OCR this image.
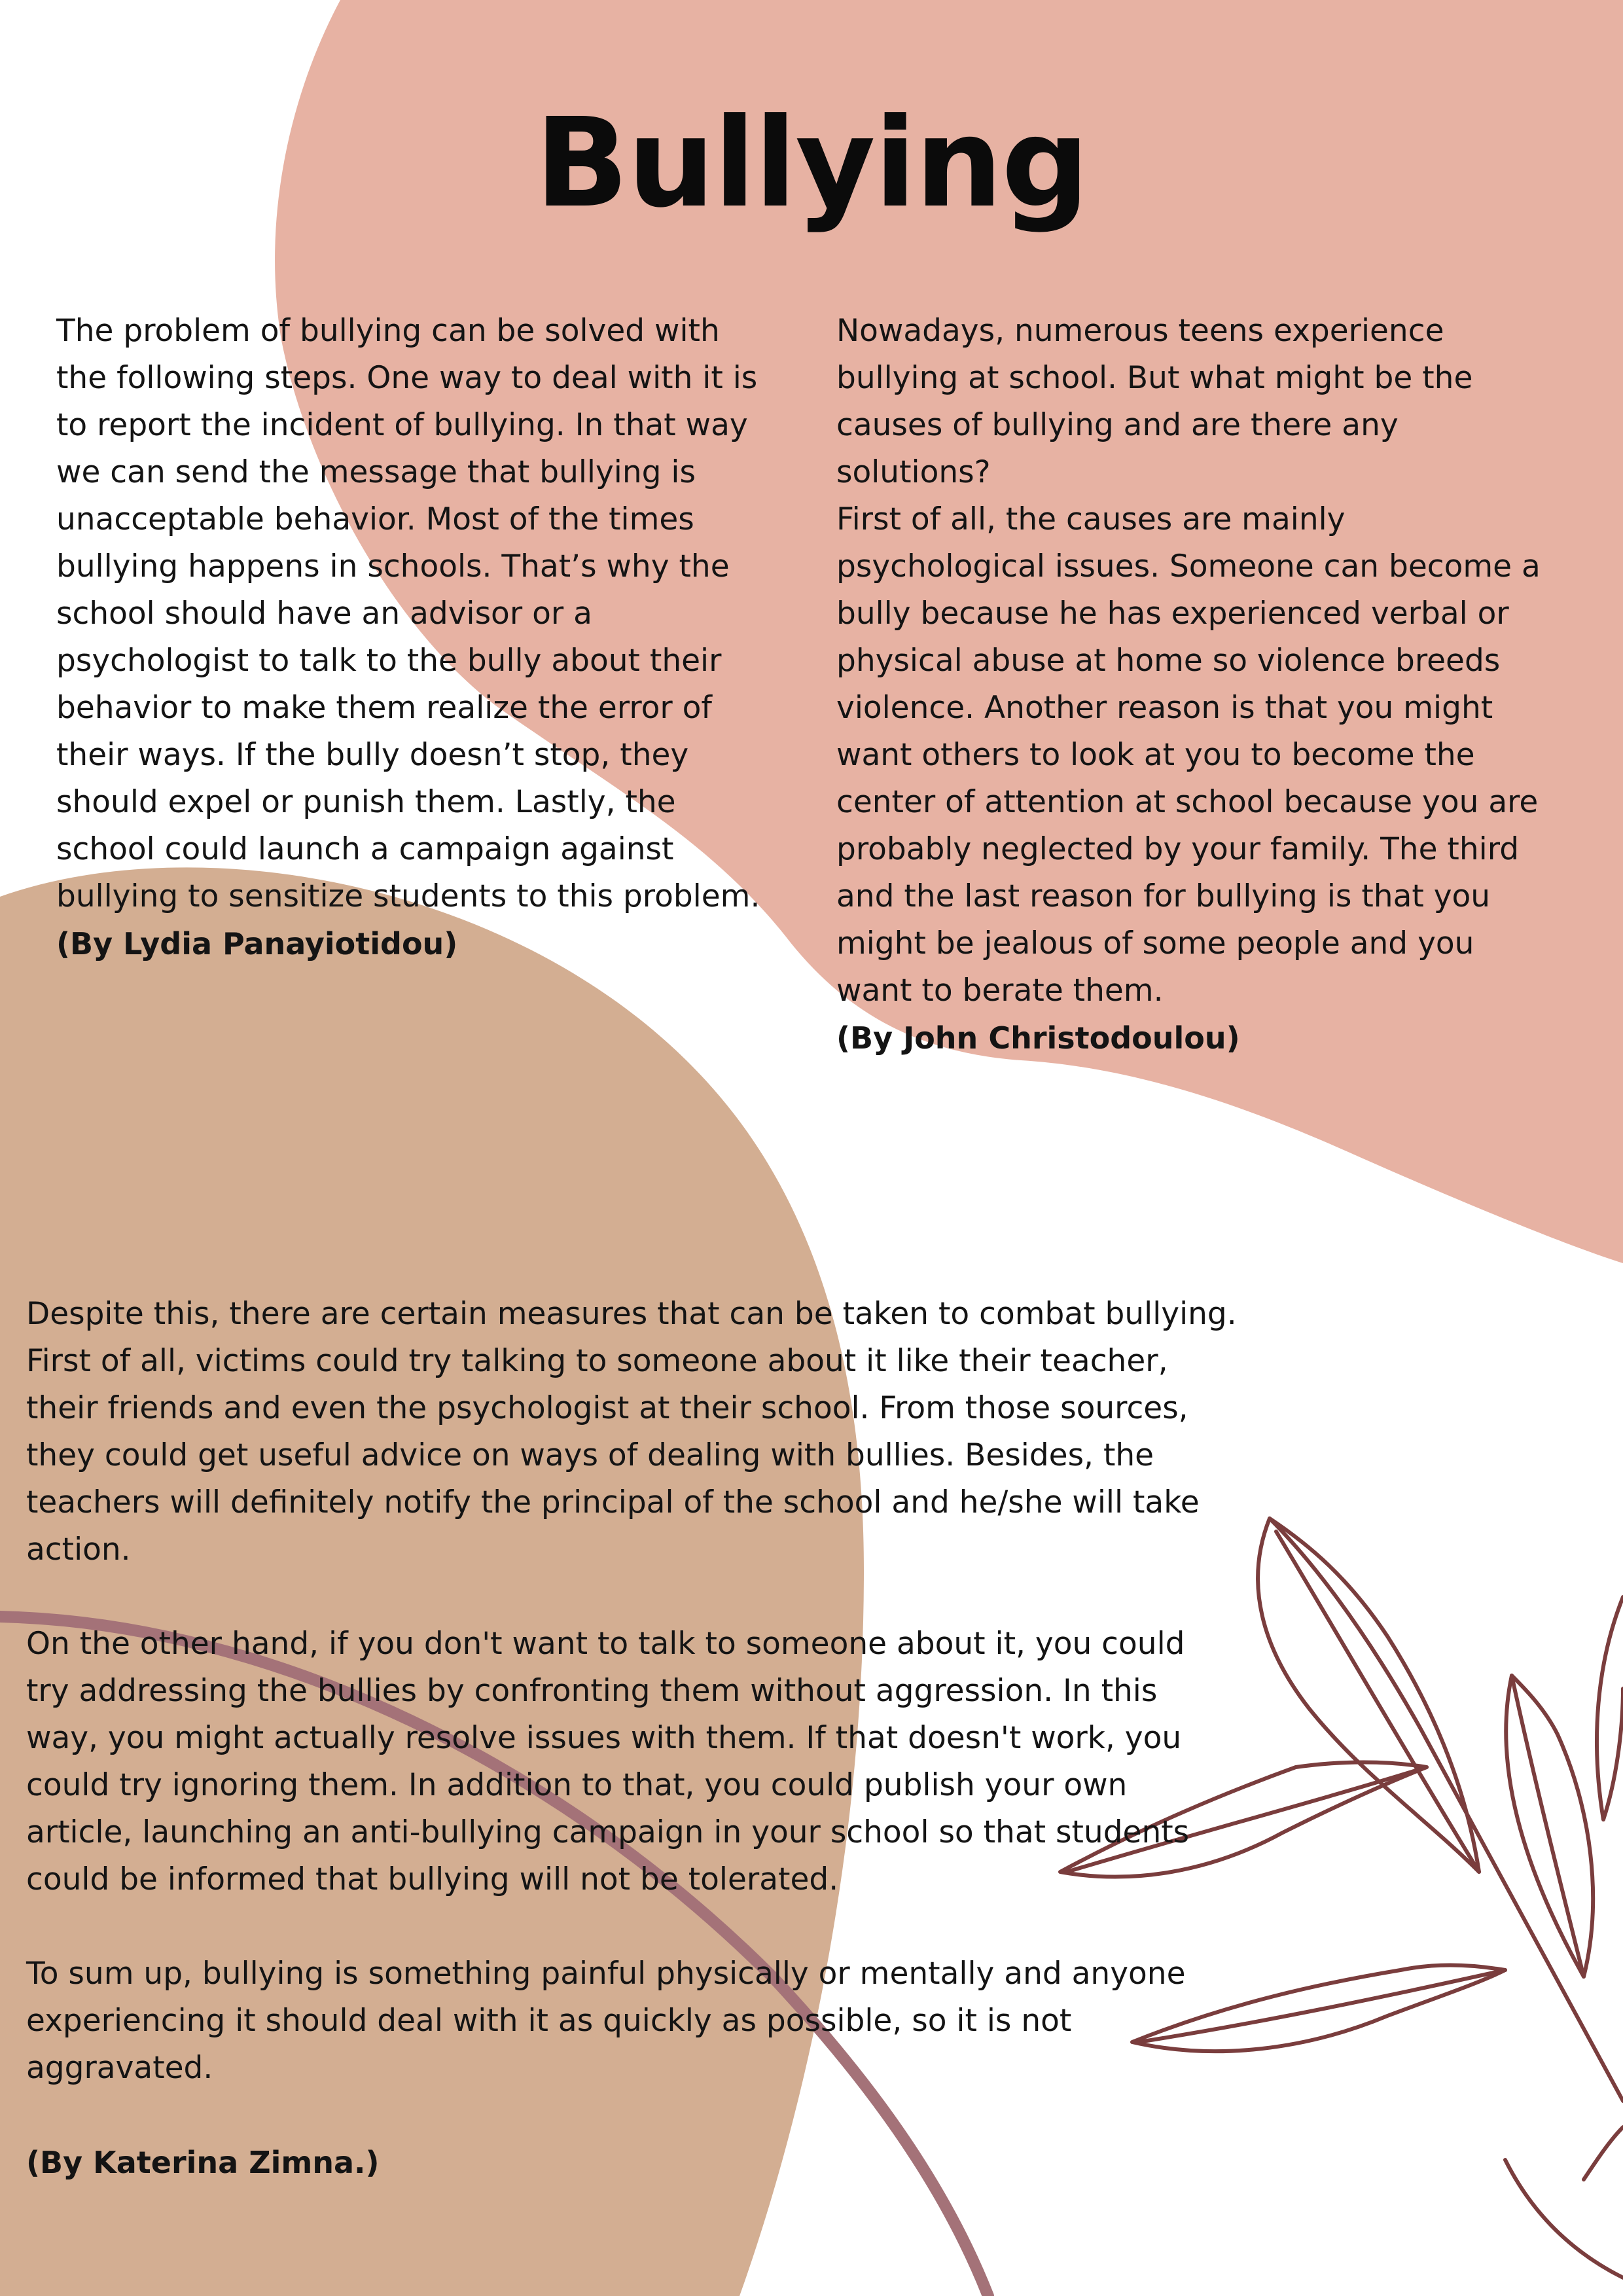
Bullying
The problem of bullying can be solved with
the following steps. One way to deal with it is
to report the incident of bullying. In that way
we can send the message that bullying is
unacceptable behavior. Most of the times
bullying happens in schools. That’s why the
school should have an advisor or a
psychologist to talk to the bully about their
behavior to make them realize the error of
their ways. If the bully doesn’t stop, they
should expel or punish them. Lastly, the
school could launch a campaign against
bullying to sensitize students to this problem.

(By Lydia Panayiotidou)
Nowadays, numerous teens experience
bullying at school. But what might be the
causes of bullying and are there any
solutions?
First of all, the causes are mainly
psychological issues. Someone can become a
bully because he has experienced verbal or
physical abuse at home so violence breeds
violence. Another reason is that you might
want others to look at you to become the
center of attention at school because you are
probably neglected by your family. The third
and the last reason for bullying is that you
might be jealous of some people and you
want to berate them.

(By John Christodoulou)

Despite this, there are certain measures that can be taken to combat bullying.
First of all, victims could try talking to someone about it like their teacher,
their friends and even the psychologist at their school. From those sources,
they could get useful advice on ways of dealing with bullies. Besides, the
teachers will definitely notify the principal of the school and he/she will take
action.

On the other hand, if you don't want to talk to someone about it, you could
try addressing the bullies by confronting them without aggression. In this
way, you might actually resolve issues with them. If that doesn't work, you
could try ignoring them. In addition to that, you could publish your own
article, launching an anti-bullying campaign in your school so that students
could be informed that bullying will not be tolerated.

To sum up, bullying is something painful physically or mentally and anyone
experiencing it should deal with it as quickly as possible, so it is not
aggravated.

(By Katerina Zimna.)
